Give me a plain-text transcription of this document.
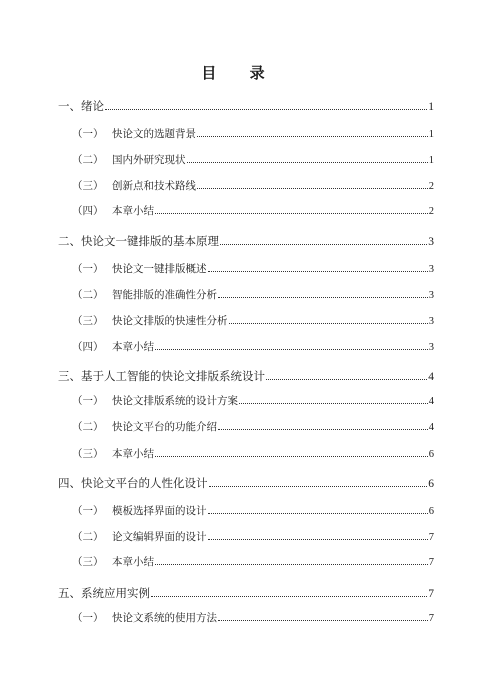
目 录
一、 绪论	1
（一） 快论文的选题背景	1
（二） 国内外研究现状	1
（三） 创新点和技术路线	2
（四） 本章小结	2
二、 快论文一键排版的基本原理	3
（一） 快论文一键排版概述	3
（二） 智能排版的准确性分析	3
（三） 快论文排版的快速性分析	3
（四） 本章小结	3
三、 基于人工智能的快论文排版系统设计	4
（一） 快论文排版系统的设计方案	4
（二） 快论文平台的功能介绍	4
（三） 本章小结	6
四、 快论文平台的人性化设计	6
（一） 模板选择界面的设计	6
（二） 论文编辑界面的设计	7
（三） 本章小结	7
五、 系统应用实例	7
（一） 快论文系统的使用方法	7
